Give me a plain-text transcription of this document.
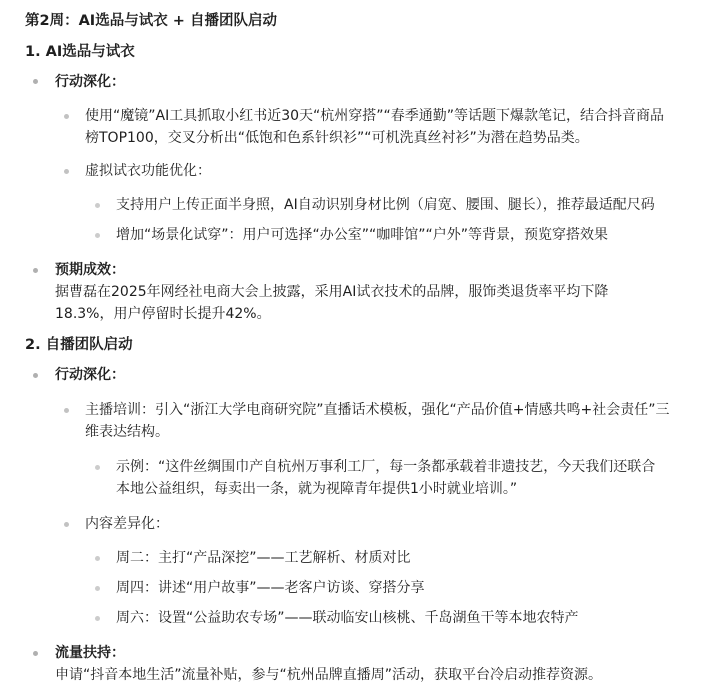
第2周：AI选品与试衣 + 自播团队启动
1. AI选品与试衣
行动深化：
使用“魔镜”AI工具抓取小红书近30天“杭州穿搭”“春季通勤”等话题下爆款笔记，结合抖音商品
榜TOP100，交叉分析出“低饱和色系针织衫”“可机洗真丝衬衫”为潜在趋势品类。
虚拟试衣功能优化：
支持用户上传正面半身照，AI自动识别身材比例（肩宽、腰围、腿长），推荐最适配尺码
增加“场景化试穿”：用户可选择“办公室”“咖啡馆”“户外”等背景，预览穿搭效果
预期成效：
据曹磊在2025年网经社电商大会上披露，采用AI试衣技术的品牌，服饰类退货率平均下降
18.3%，用户停留时长提升42%。
2. 自播团队启动
行动深化：
主播培训：引入“浙江大学电商研究院”直播话术模板，强化“产品价值+情感共鸣+社会责任”三
维表达结构。
示例：“这件丝绸围巾产自杭州万事利工厂，每一条都承载着非遗技艺，今天我们还联合
本地公益组织，每卖出一条，就为视障青年提供1小时就业培训。”
内容差异化：
周二：主打“产品深挖”——工艺解析、材质对比
周四：讲述“用户故事”——老客户访谈、穿搭分享
周六：设置“公益助农专场”——联动临安山核桃、千岛湖鱼干等本地农特产
流量扶持：
申请“抖音本地生活”流量补贴，参与“杭州品牌直播周”活动，获取平台冷启动推荐资源。
